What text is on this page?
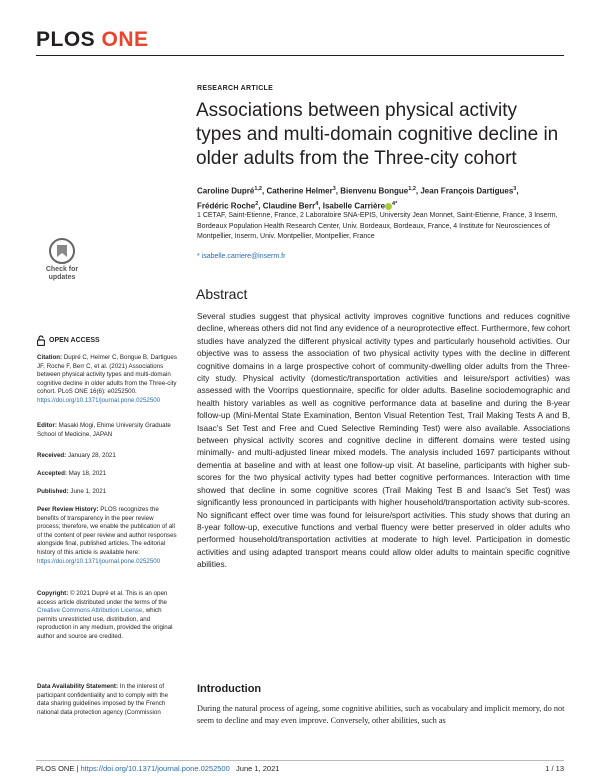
PLOS ONE
RESEARCH ARTICLE
Associations between physical activity types and multi-domain cognitive decline in older adults from the Three-city cohort
Caroline Dupré$^{1,2}$, Catherine Helmer$^3$, Bienvenu Bongue$^{1,2}$, Jean François Dartigues$^3$,
Frédéric Roche$^2$, Claudine Berr$^4$, Isabelle Carrière $^{4*}$
1 CETAF, Saint-Etienne, France, 2 Laboratoire SNA-EPIS, University Jean Monnet, Saint-Etienne, France, 3 Inserm, Bordeaux Population Health Research Center, Univ. Bordeaux, Bordeaux, France, 4 Institute for Neurosciences of Montpellier, Inserm, Univ. Montpellier, Montpellier, France
* isabelle.carriere@inserm.fr
Check for
updates
OPEN ACCESS
Citation: Dupré C, Helmer C, Bongue B, Dartigues JF, Roche F, Berr C, et al. (2021) Associations between physical activity types and multi-domain cognitive decline in older adults from the Three-city cohort. PLoS ONE 16(6): e0252500. https://doi.org/10.1371/journal.pone.0252500
Editor: Masaki Mogi, Ehime University Graduate School of Medicine, JAPAN
Received: January 28, 2021
Accepted: May 18, 2021
Published: June 1, 2021
Peer Review History: PLOS recognizes the benefits of transparency in the peer review process; therefore, we enable the publication of all of the content of peer review and author responses alongside final, published articles. The editorial history of this article is available here: https://doi.org/10.1371/journal.pone.0252500
Copyright: © 2021 Dupré et al. This is an open access article distributed under the terms of the Creative Commons Attribution License, which permits unrestricted use, distribution, and reproduction in any medium, provided the original author and source are credited.
Data Availability Statement: In the interest of participant confidentiality and to comply with the data sharing guidelines imposed by the French national data protection agency (Commission
Abstract
Several studies suggest that physical activity improves cognitive functions and reduces cognitive decline, whereas others did not find any evidence of a neuroprotective effect. Furthermore, few cohort studies have analyzed the different physical activity types and particularly household activities. Our objective was to assess the association of two physical activity types with the decline in different cognitive domains in a large prospective cohort of community-dwelling older adults from the Three-city study. Physical activity (domestic/transportation activities and leisure/sport activities) was assessed with the Voorrips questionnaire, specific for older adults. Baseline sociodemographic and health history variables as well as cognitive performance data at baseline and during the 8-year follow-up (Mini-Mental State Examination, Benton Visual Retention Test, Trail Making Tests A and B, Isaac's Set Test and Free and Cued Selective Reminding Test) were also available. Associations between physical activity scores and cognitive decline in different domains were tested using minimally- and multi-adjusted linear mixed models. The analysis included 1697 participants without dementia at baseline and with at least one follow-up visit. At baseline, participants with higher sub-scores for the two physical activity types had better cognitive performances. Interaction with time showed that decline in some cognitive scores (Trail Making Test B and Isaac's Set Test) was significantly less pronounced in participants with higher household/transportation activity sub-scores. No significant effect over time was found for leisure/sport activities. This study shows that during an 8-year follow-up, executive functions and verbal fluency were better preserved in older adults who performed household/transportation activities at moderate to high level. Participation in domestic activities and using adapted transport means could allow older adults to maintain specific cognitive abilities.
Introduction
During the natural process of ageing, some cognitive abilities, such as vocabulary and implicit memory, do not seem to decline and may even improve. Conversely, other abilities, such as
PLOS ONE | https://doi.org/10.1371/journal.pone.0252500 June 1, 2021	1 / 13
